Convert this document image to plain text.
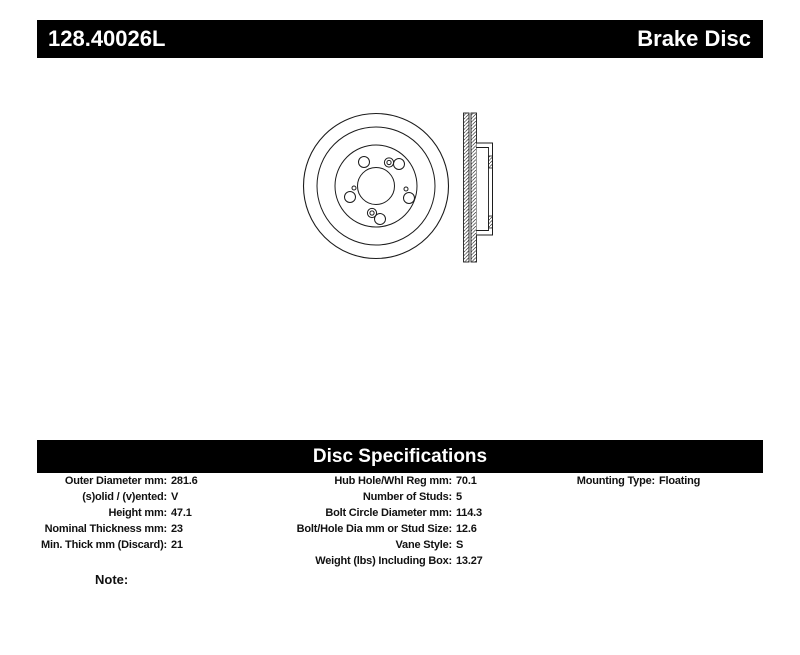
128.40026L	Brake Disc
Disc Specifications
Outer Diameter mm: 281.6
(s)olid / (v)ented: V
Height mm: 47.1
Nominal Thickness mm: 23
Min. Thick mm (Discard): 21
Hub Hole/Whl Reg mm: 70.1
Number of Studs: 5
Bolt Circle Diameter mm: 114.3
Bolt/Hole Dia mm or Stud Size: 12.6
Vane Style: S
Weight (lbs) Including Box: 13.27
Mounting Type: Floating
Note:
